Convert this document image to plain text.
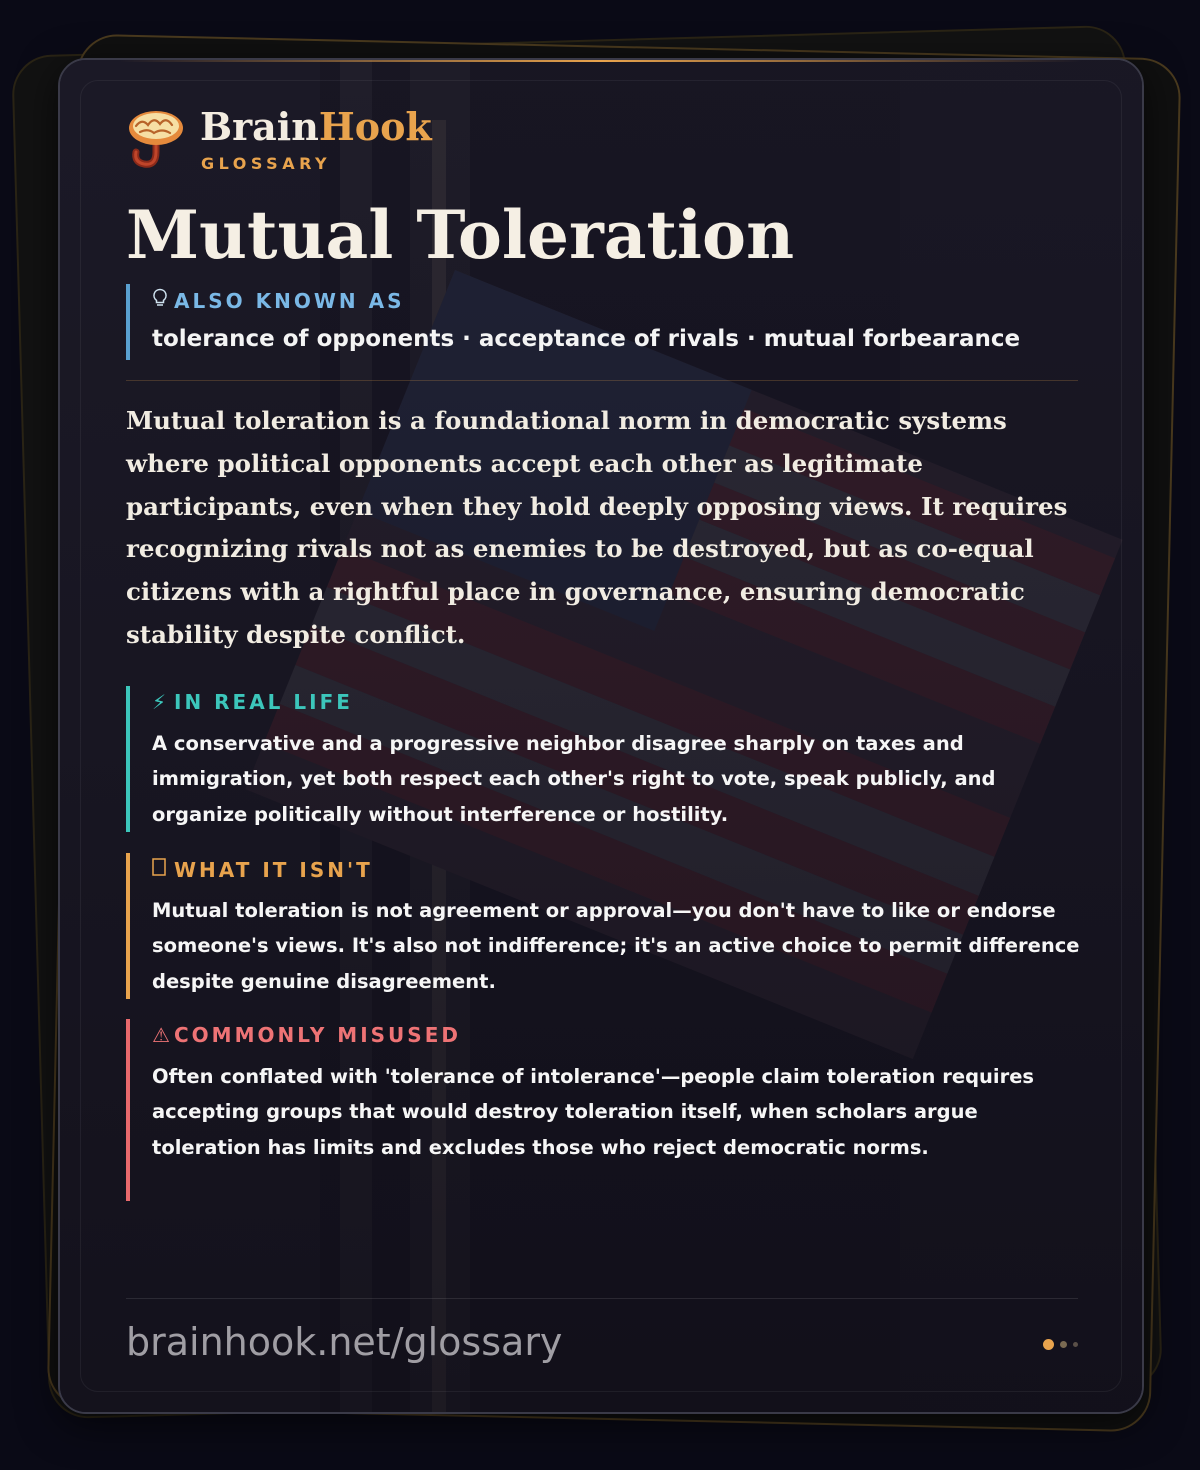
BrainHook
GLOSSARY
Mutual Toleration
ALSO KNOWN AS
tolerance of opponents · acceptance of rivals · mutual forbearance

Mutual toleration is a foundational norm in democratic systems where political opponents accept each other as legitimate participants, even when they hold deeply opposing views. It requires recognizing rivals not as enemies to be destroyed, but as co-equal citizens with a rightful place in governance, ensuring democratic stability despite conflict.

⚡ IN REAL LIFE

A conservative and a progressive neighbor disagree sharply on taxes and immigration, yet both respect each other's right to vote, speak publicly, and organize politically without interference or hostility.

WHAT IT ISN'T

Mutual toleration is not agreement or approval—you don't have to like or endorse someone's views. It's also not indifference; it's an active choice to permit difference despite genuine disagreement.

⚠COMMONLY MISUSED

Often conflated with 'tolerance of intolerance'—people claim toleration requires accepting groups that would destroy toleration itself, when scholars argue toleration has limits and excludes those who reject democratic norms.

brainhook.net/glossary
